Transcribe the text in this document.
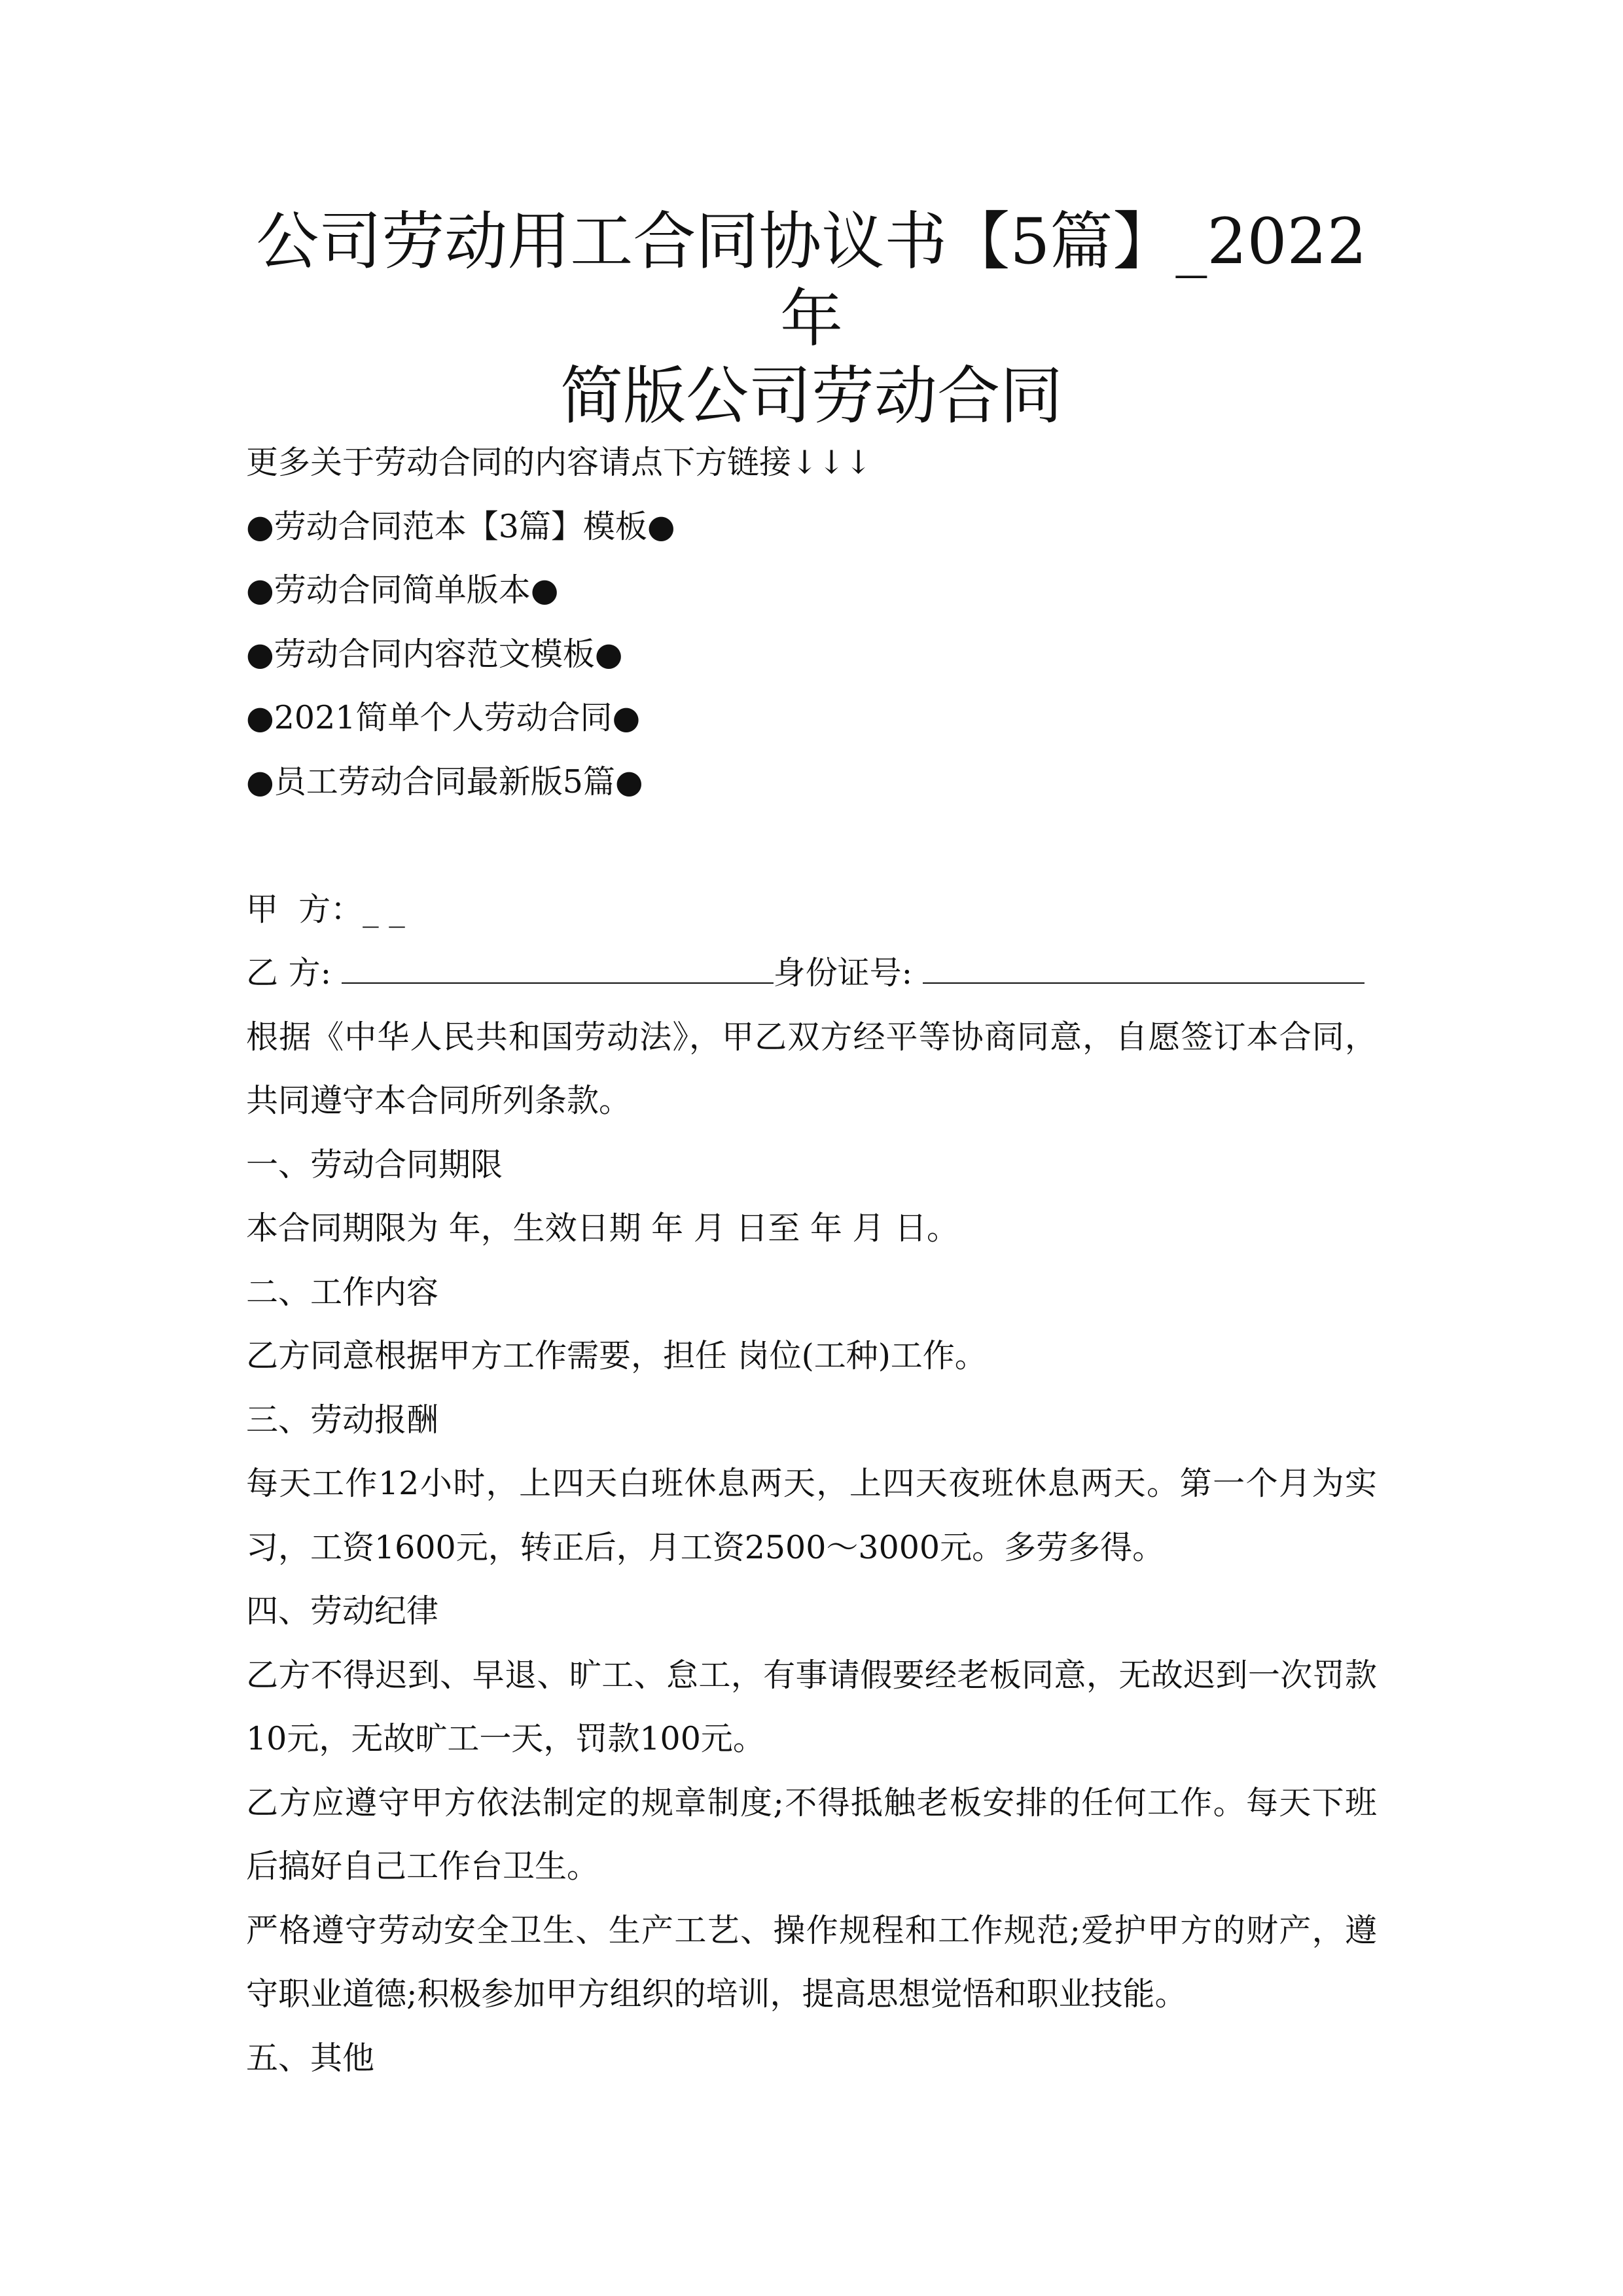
公司劳动用工合同协议书【5篇】_2022年
简版公司劳动合同

更多关于劳动合同的内容请点下方链接↓↓↓

●劳动合同范本【3篇】模板●

●劳动合同简单版本●

●劳动合同内容范文模板●

●2021简单个人劳动合同●

●员工劳动合同最新版5篇●

甲  方：_ _

乙 方:	身份证号:

根据《中华人民共和国劳动法》，甲乙双方经平等协商同意，自愿签订本合同，共同遵守本合同所列条款。

一、劳动合同期限

本合同期限为 年，生效日期 年 月 日至 年 月 日。

二、工作内容

乙方同意根据甲方工作需要，担任 岗位(工种)工作。

三、劳动报酬

每天工作12小时，上四天白班休息两天，上四天夜班休息两天。第一个月为实习，工资1600元，转正后，月工资2500～3000元。多劳多得。

四、劳动纪律

乙方不得迟到、早退、旷工、怠工，有事请假要经老板同意，无故迟到一次罚款10元，无故旷工一天，罚款100元。

乙方应遵守甲方依法制定的规章制度;不得抵触老板安排的任何工作。每天下班后搞好自己工作台卫生。

严格遵守劳动安全卫生、生产工艺、操作规程和工作规范;爱护甲方的财产，遵守职业道德;积极参加甲方组织的培训，提高思想觉悟和职业技能。

五、其他
